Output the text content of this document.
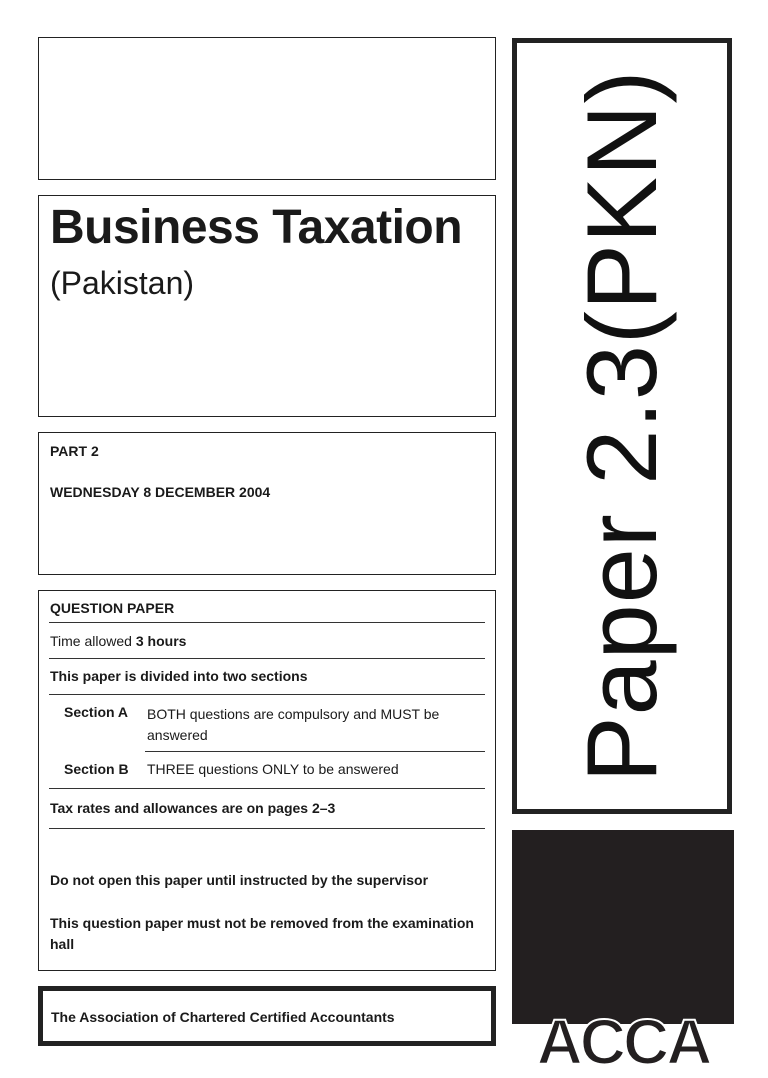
Business Taxation
(Pakistan)
PART 2
WEDNESDAY 8 DECEMBER 2004
QUESTION PAPER
Time allowed 3 hours
This paper is divided into two sections
Section A BOTH questions are compulsory and MUST be answered
Section B THREE questions ONLY to be answered
Tax rates and allowances are on pages 2–3
Do not open this paper until instructed by the supervisor
This question paper must not be removed from the examination hall
The Association of Chartered Certified Accountants
Paper 2.3(PKN)
ACCA
